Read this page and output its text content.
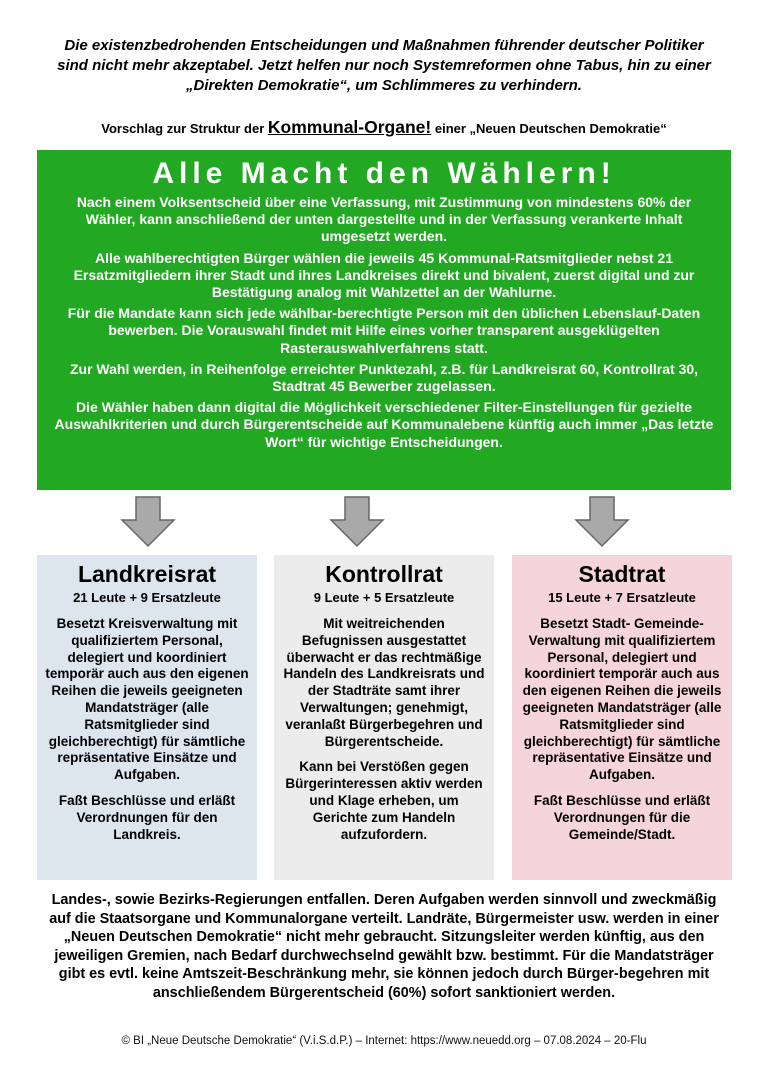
Die existenzbedrohenden Entscheidungen und Maßnahmen führender deutscher Politiker sind nicht mehr akzeptabel. Jetzt helfen nur noch Systemreformen ohne Tabus, hin zu einer „Direkten Demokratie“, um Schlimmeres zu verhindern.
Vorschlag zur Struktur der Kommunal-Organe! einer „Neuen Deutschen Demokratie“
Alle Macht den Wählern!

Nach einem Volksentscheid über eine Verfassung, mit Zustimmung von mindestens 60% der Wähler, kann anschließend der unten dargestellte und in der Verfassung verankerte Inhalt umgesetzt werden.

Alle wahlberechtigten Bürger wählen die jeweils 45 Kommunal-Ratsmitglieder nebst 21 Ersatzmitgliedern ihrer Stadt und ihres Landkreises direkt und bivalent, zuerst digital und zur Bestätigung analog mit Wahlzettel an der Wahlurne.

Für die Mandate kann sich jede wählbar-berechtigte Person mit den üblichen Lebenslauf-Daten bewerben. Die Vorauswahl findet mit Hilfe eines vorher transparent ausgeklügelten Rasterauswahlverfahrens statt.

Zur Wahl werden, in Reihenfolge erreichter Punktezahl, z.B. für Landkreisrat 60, Kontrollrat 30, Stadtrat 45 Bewerber zugelassen.

Die Wähler haben dann digital die Möglichkeit verschiedener Filter-Einstellungen für gezielte Auswahlkriterien und durch Bürgerentscheide auf Kommunalebene künftig auch immer „Das letzte Wort“ für wichtige Entscheidungen.

Landkreisrat
21 Leute + 9 Ersatzleute

Besetzt Kreisverwaltung mit qualifiziertem Personal, delegiert und koordiniert temporär auch aus den eigenen Reihen die jeweils geeigneten Mandatsträger (alle Ratsmitglieder sind gleichberechtigt) für sämtliche repräsentative Einsätze und Aufgaben.

Faßt Beschlüsse und erläßt Verordnungen für den Landkreis.

Kontrollrat
9 Leute + 5 Ersatzleute

Mit weitreichenden Befugnissen ausgestattet überwacht er das rechtmäßige Handeln des Landkreisrats und der Stadträte samt ihrer Verwaltungen; genehmigt, veranlaßt Bürgerbegehren und Bürgerentscheide.

Kann bei Verstößen gegen Bürgerinteressen aktiv werden und Klage erheben, um Gerichte zum Handeln aufzufordern.

Stadtrat
15 Leute + 7 Ersatzleute

Besetzt Stadt- Gemeinde-Verwaltung mit qualifiziertem Personal, delegiert und koordiniert temporär auch aus den eigenen Reihen die jeweils geeigneten Mandatsträger (alle Ratsmitglieder sind gleichberechtigt) für sämtliche repräsentative Einsätze und Aufgaben.

Faßt Beschlüsse und erläßt Verordnungen für die Gemeinde/Stadt.

Landes-, sowie Bezirks-Regierungen entfallen. Deren Aufgaben werden sinnvoll und zweckmäßig auf die Staatsorgane und Kommunalorgane verteilt. Landräte, Bürgermeister usw. werden in einer „Neuen Deutschen Demokratie“ nicht mehr gebraucht. Sitzungsleiter werden künftig, aus den jeweiligen Gremien, nach Bedarf durchwechselnd gewählt bzw. bestimmt. Für die Mandatsträger gibt es evtl. keine Amtszeit-Beschränkung mehr, sie können jedoch durch Bürger-begehren mit anschließendem Bürgerentscheid (60%) sofort sanktioniert werden.
© BI „Neue Deutsche Demokratie“ (V.i.S.d.P.) – Internet: https://www.neuedd.org – 07.08.2024 – 20-Flu
